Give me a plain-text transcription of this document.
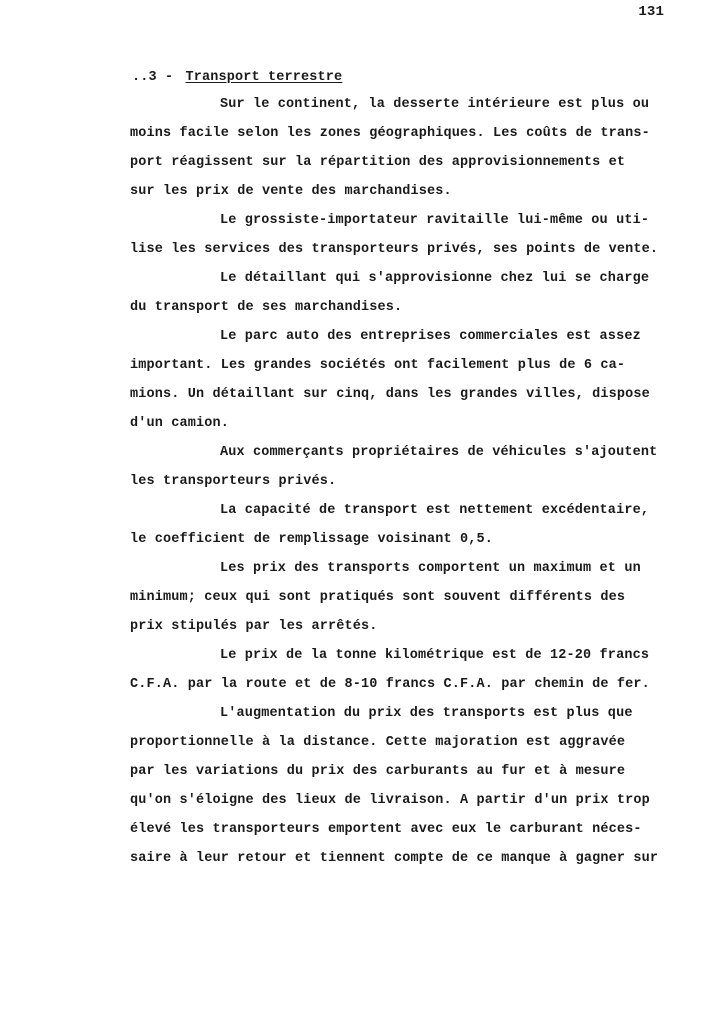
131
..3 - Transport terrestre
Sur le continent, la desserte intérieure est plus ou
moins facile selon les zones géographiques. Les coûts de trans-
port réagissent sur la répartition des approvisionnements et
sur les prix de vente des marchandises.
Le grossiste-importateur ravitaille lui-même ou uti-
lise les services des transporteurs privés, ses points de vente.
Le détaillant qui s'approvisionne chez lui se charge
du transport de ses marchandises.
Le parc auto des entreprises commerciales est assez
important. Les grandes sociétés ont facilement plus de 6 ca-
mions. Un détaillant sur cinq, dans les grandes villes, dispose
d'un camion.
Aux commerçants propriétaires de véhicules s'ajoutent
les transporteurs privés.
La capacité de transport est nettement excédentaire,
le coefficient de remplissage voisinant 0,5.
Les prix des transports comportent un maximum et un
minimum; ceux qui sont pratiqués sont souvent différents des
prix stipulés par les arrêtés.
Le prix de la tonne kilométrique est de 12-20 francs
C.F.A. par la route et de 8-10 francs C.F.A. par chemin de fer.
L'augmentation du prix des transports est plus que
proportionnelle à la distance. Cette majoration est aggravée
par les variations du prix des carburants au fur et à mesure
qu'on s'éloigne des lieux de livraison. A partir d'un prix trop
élevé les transporteurs emportent avec eux le carburant néces-
saire à leur retour et tiennent compte de ce manque à gagner sur
